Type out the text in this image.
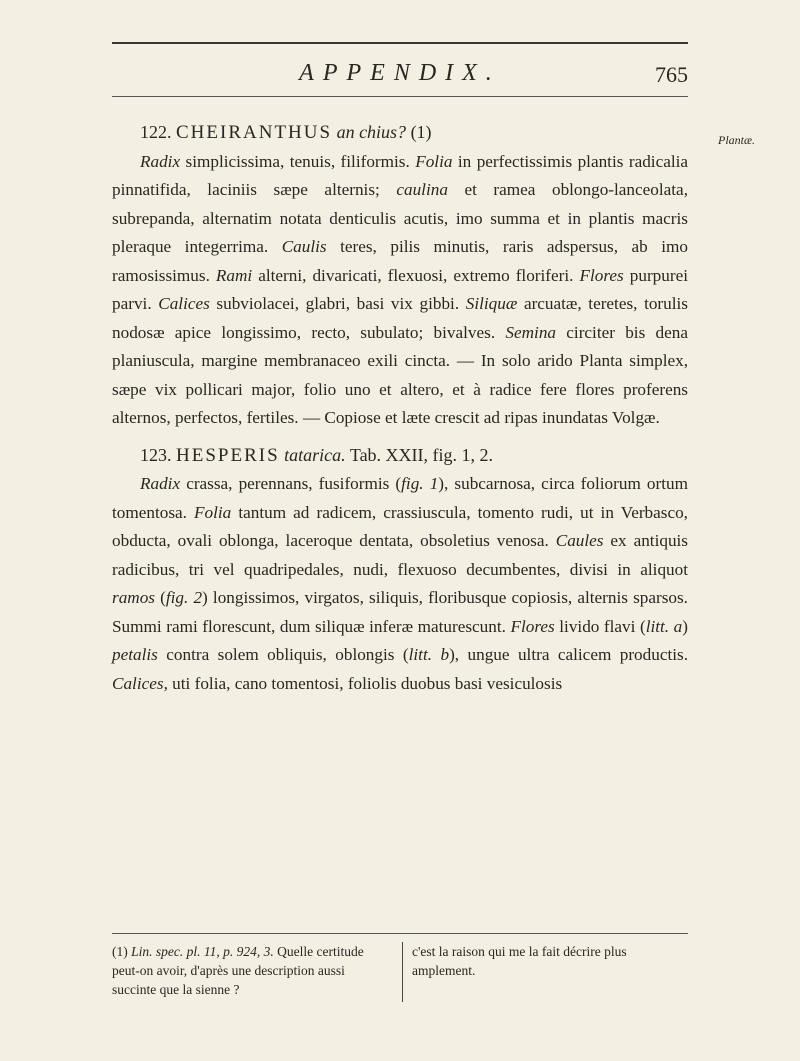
APPENDIX.	765
Plantæ.

122. CHEIRANTHUS an chius? (1)

Radix simplicissima, tenuis, filiformis. Folia in perfectissimis plantis radicalia pinnatifida, laciniis sæpe alternis; caulina et ramea oblongo-lanceolata, subrepanda, alternatim notata denticulis acutis, imo summa et in plantis macris pleraque integerrima. Caulis teres, pilis minutis, raris adspersus, ab imo ramosissimus. Rami alterni, divaricati, flexuosi, extremo floriferi. Flores purpurei parvi. Calices subviolacei, glabri, basi vix gibbi. Siliquæ arcuatæ, teretes, torulis nodosæ apice longissimo, recto, subulato; bivalves. Semina circiter bis dena planiuscula, margine membranaceo exili cincta. — In solo arido Planta simplex, sæpe vix pollicari major, folio uno et altero, et à radice fere flores proferens alternos, perfectos, fertiles. — Copiose et læte crescit ad ripas inundatas Volgæ.

123. HESPERIS tatarica. Tab. XXII, fig. 1, 2.

Radix crassa, perennans, fusiformis (fig. 1), subcarnosa, circa foliorum ortum tomentosa. Folia tantum ad radicem, crassiuscula, tomento rudi, ut in Verbasco, obducta, ovali oblonga, laceroque dentata, obsoletius venosa. Caules ex antiquis radicibus, tri vel quadripedales, nudi, flexuoso decumbentes, divisi in aliquot ramos (fig. 2) longissimos, virgatos, siliquis, floribusque copiosis, alternis sparsos. Summi rami florescunt, dum siliquæ inferæ maturescunt. Flores livido flavi (litt. a) petalis contra solem obliquis, oblongis (litt. b), ungue ultra calicem productis. Calices, uti folia, cano tomentosi, foliolis duobus basi vesiculosis

(1) Lin. spec. pl. 11, p. 924, 3. Quelle certitude peut-on avoir, d'après une description aussi succinte que la sienne ?
c'est la raison qui me la fait décrire plus amplement.
